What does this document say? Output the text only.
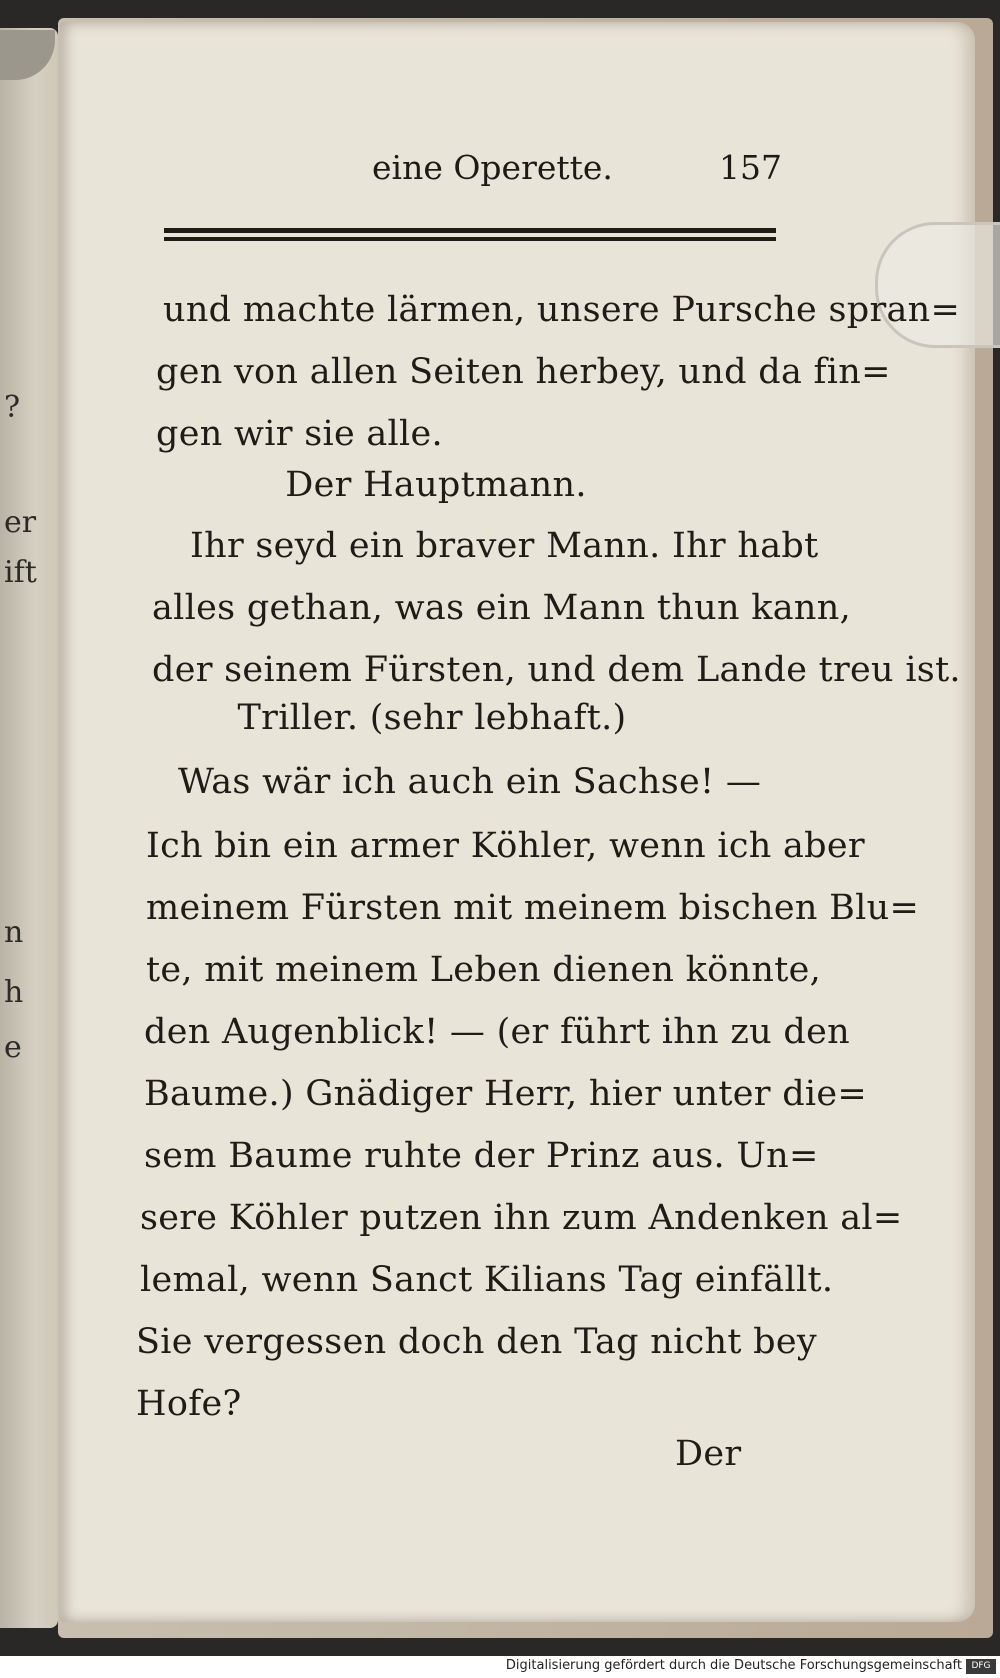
?
er
ift
n
h
e
eine Operette.	157
und machte lärmen, unsere Pursche spran=
gen von allen Seiten herbey, und da fin=
gen wir sie alle.
Der Hauptmann.
Ihr seyd ein braver Mann. Ihr habt
alles gethan, was ein Mann thun kann,
der seinem Fürsten, und dem Lande treu ist.
Triller. (sehr lebhaft.)
Was wär ich auch ein Sachse! —
Ich bin ein armer Köhler, wenn ich aber
meinem Fürsten mit meinem bischen Blu=
te, mit meinem Leben dienen könnte,
den Augenblick! — (er führt ihn zu den
Baume.) Gnädiger Herr, hier unter die=
sem Baume ruhte der Prinz aus. Un=
sere Köhler putzen ihn zum Andenken al=
lemal, wenn Sanct Kilians Tag einfällt.
Sie vergessen doch den Tag nicht bey
Hofe?
Der
Digitalisierung gefördert durch die Deutsche Forschungsgemeinschaft	DFG
